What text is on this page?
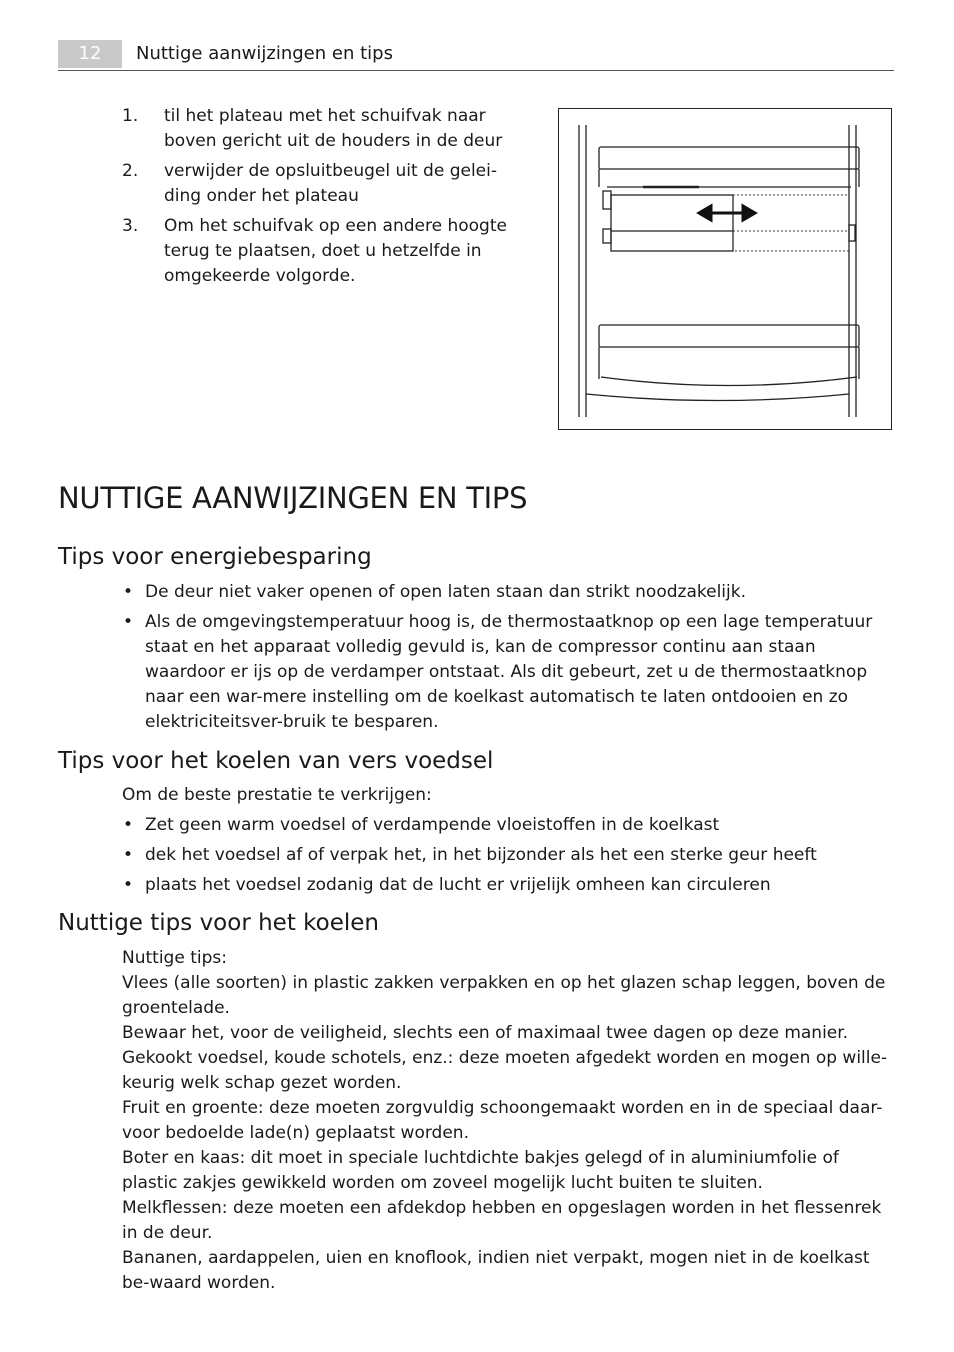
12	Nuttige aanwijzingen en tips
1. til het plateau met het schuifvak naar boven gericht uit de houders in de deur
2. verwijder de opsluitbeugel uit de gelei-ding onder het plateau
3. Om het schuifvak op een andere hoogte terug te plaatsen, doet u hetzelfde in omgekeerde volgorde.
NUTTIGE AANWIJZINGEN EN TIPS
Tips voor energiebesparing
• De deur niet vaker openen of open laten staan dan strikt noodzakelijk.
• Als de omgevingstemperatuur hoog is, de thermostaatknop op een lage temperatuur staat en het apparaat volledig gevuld is, kan de compressor continu aan staan waardoor er ijs op de verdamper ontstaat. Als dit gebeurt, zet u de thermostaatknop naar een war-mere instelling om de koelkast automatisch te laten ontdooien en zo elektriciteitsver-bruik te besparen.
Tips voor het koelen van vers voedsel

Om de beste prestatie te verkrijgen:

• Zet geen warm voedsel of verdampende vloeistoffen in de koelkast
• dek het voedsel af of verpak het, in het bijzonder als het een sterke geur heeft
• plaats het voedsel zodanig dat de lucht er vrijelijk omheen kan circuleren
Nuttige tips voor het koelen

Nuttige tips:

Vlees (alle soorten) in plastic zakken verpakken en op het glazen schap leggen, boven de groentelade.

Bewaar het, voor de veiligheid, slechts een of maximaal twee dagen op deze manier.

Gekookt voedsel, koude schotels, enz.: deze moeten afgedekt worden en mogen op wille-keurig welk schap gezet worden.

Fruit en groente: deze moeten zorgvuldig schoongemaakt worden en in de speciaal daar-voor bedoelde lade(n) geplaatst worden.

Boter en kaas: dit moet in speciale luchtdichte bakjes gelegd of in aluminiumfolie of plastic zakjes gewikkeld worden om zoveel mogelijk lucht buiten te sluiten.

Melkflessen: deze moeten een afdekdop hebben en opgeslagen worden in het flessenrek in de deur.

Bananen, aardappelen, uien en knoflook, indien niet verpakt, mogen niet in de koelkast be-waard worden.
